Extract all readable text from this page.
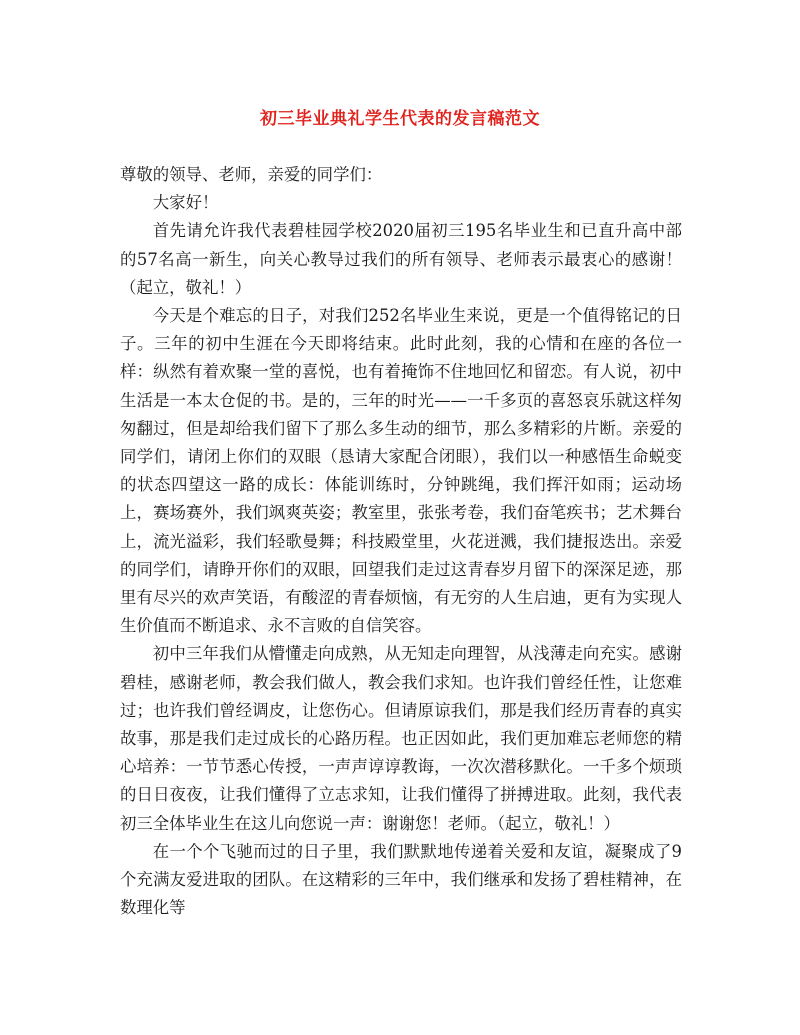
初三毕业典礼学生代表的发言稿范文

尊敬的领导、老师，亲爱的同学们：

大家好！

首先请允许我代表碧桂园学校2020届初三195名毕业生和已直升高中部的57名高一新生，向关心教导过我们的所有领导、老师表示最衷心的感谢！（起立，敬礼！）

今天是个难忘的日子，对我们252名毕业生来说，更是一个值得铭记的日子。三年的初中生涯在今天即将结束。此时此刻，我的心情和在座的各位一样：纵然有着欢聚一堂的喜悦，也有着掩饰不住地回忆和留恋。有人说，初中生活是一本太仓促的书。是的，三年的时光——一千多页的喜怒哀乐就这样匆匆翻过，但是却给我们留下了那么多生动的细节，那么多精彩的片断。亲爱的同学们，请闭上你们的双眼（恳请大家配合闭眼），我们以一种感悟生命蜕变的状态四望这一路的成长：体能训练时，分钟跳绳，我们挥汗如雨；运动场上，赛场赛外，我们飒爽英姿；教室里，张张考卷，我们奋笔疾书；艺术舞台上，流光溢彩，我们轻歌曼舞；科技殿堂里，火花迸溅，我们捷报迭出。亲爱的同学们，请睁开你们的双眼，回望我们走过这青春岁月留下的深深足迹，那里有尽兴的欢声笑语，有酸涩的青春烦恼，有无穷的人生启迪，更有为实现人生价值而不断追求、永不言败的自信笑容。

初中三年我们从懵懂走向成熟，从无知走向理智，从浅薄走向充实。感谢碧桂，感谢老师，教会我们做人，教会我们求知。也许我们曾经任性，让您难过；也许我们曾经调皮，让您伤心。但请原谅我们，那是我们经历青春的真实故事，那是我们走过成长的心路历程。也正因如此，我们更加难忘老师您的精心培养：一节节悉心传授，一声声谆谆教诲，一次次潜移默化。一千多个烦琐的日日夜夜，让我们懂得了立志求知，让我们懂得了拼搏进取。此刻，我代表初三全体毕业生在这儿向您说一声：谢谢您！老师。（起立，敬礼！）

在一个个飞驰而过的日子里，我们默默地传递着关爱和友谊，凝聚成了9个充满友爱进取的团队。在这精彩的三年中，我们继承和发扬了碧桂精神，在数理化等
